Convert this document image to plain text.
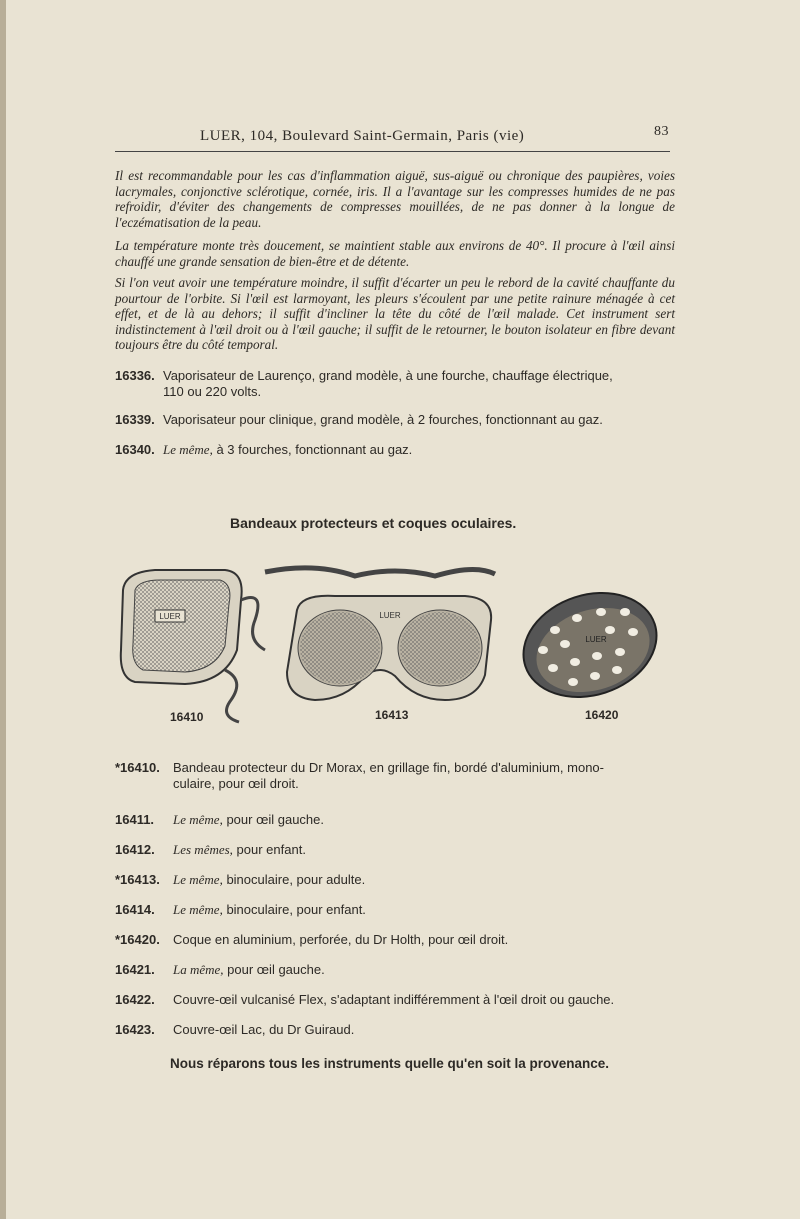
LUER, 104, Boulevard Saint-Germain, Paris (vie)	83
Il est recommandable pour les cas d'inflammation aiguë, sus-aiguë ou chronique des paupières, voies lacrymales, conjonctive sclérotique, cornée, iris. Il a l'avantage sur les compresses humides de ne pas refroidir, d'éviter des changements de compresses mouillées, de ne pas donner à la longue de l'eczématisation de la peau.
La température monte très doucement, se maintient stable aux environs de 40°. Il procure à l'œil ainsi chauffé une grande sensation de bien-être et de détente.
Si l'on veut avoir une température moindre, il suffit d'écarter un peu le rebord de la cavité chauffante du pourtour de l'orbite. Si l'œil est larmoyant, les pleurs s'écoulent par une petite rainure ménagée à cet effet, et de là au dehors; il suffit d'incliner la tête du côté de l'œil malade. Cet instrument sert indistinctement à l'œil droit ou à l'œil gauche; il suffit de le retourner, le bouton isolateur en fibre devant toujours être du côté temporal.
16336. Vaporisateur de Laurenço, grand modèle, à une fourche, chauffage électrique,
110 ou 220 volts.
16339. Vaporisateur pour clinique, grand modèle, à 2 fourches, fonctionnant au gaz.
16340. Le même, à 3 fourches, fonctionnant au gaz.
Bandeaux protecteurs et coques oculaires.
LUER	LUER
LUER
16410	16413	16420
*16410. Bandeau protecteur du Dr Morax, en grillage fin, bordé d'aluminium, mono-
culaire, pour œil droit.
16411. Le même, pour œil gauche.
16412. Les mêmes, pour enfant.
*16413. Le même, binoculaire, pour adulte.
16414. Le même, binoculaire, pour enfant.
*16420. Coque en aluminium, perforée, du Dr Holth, pour œil droit.
16421. La même, pour œil gauche.
16422. Couvre-œil vulcanisé Flex, s'adaptant indifféremment à l'œil droit ou gauche.
16423. Couvre-œil Lac, du Dr Guiraud.
Nous réparons tous les instruments quelle qu'en soit la provenance.
